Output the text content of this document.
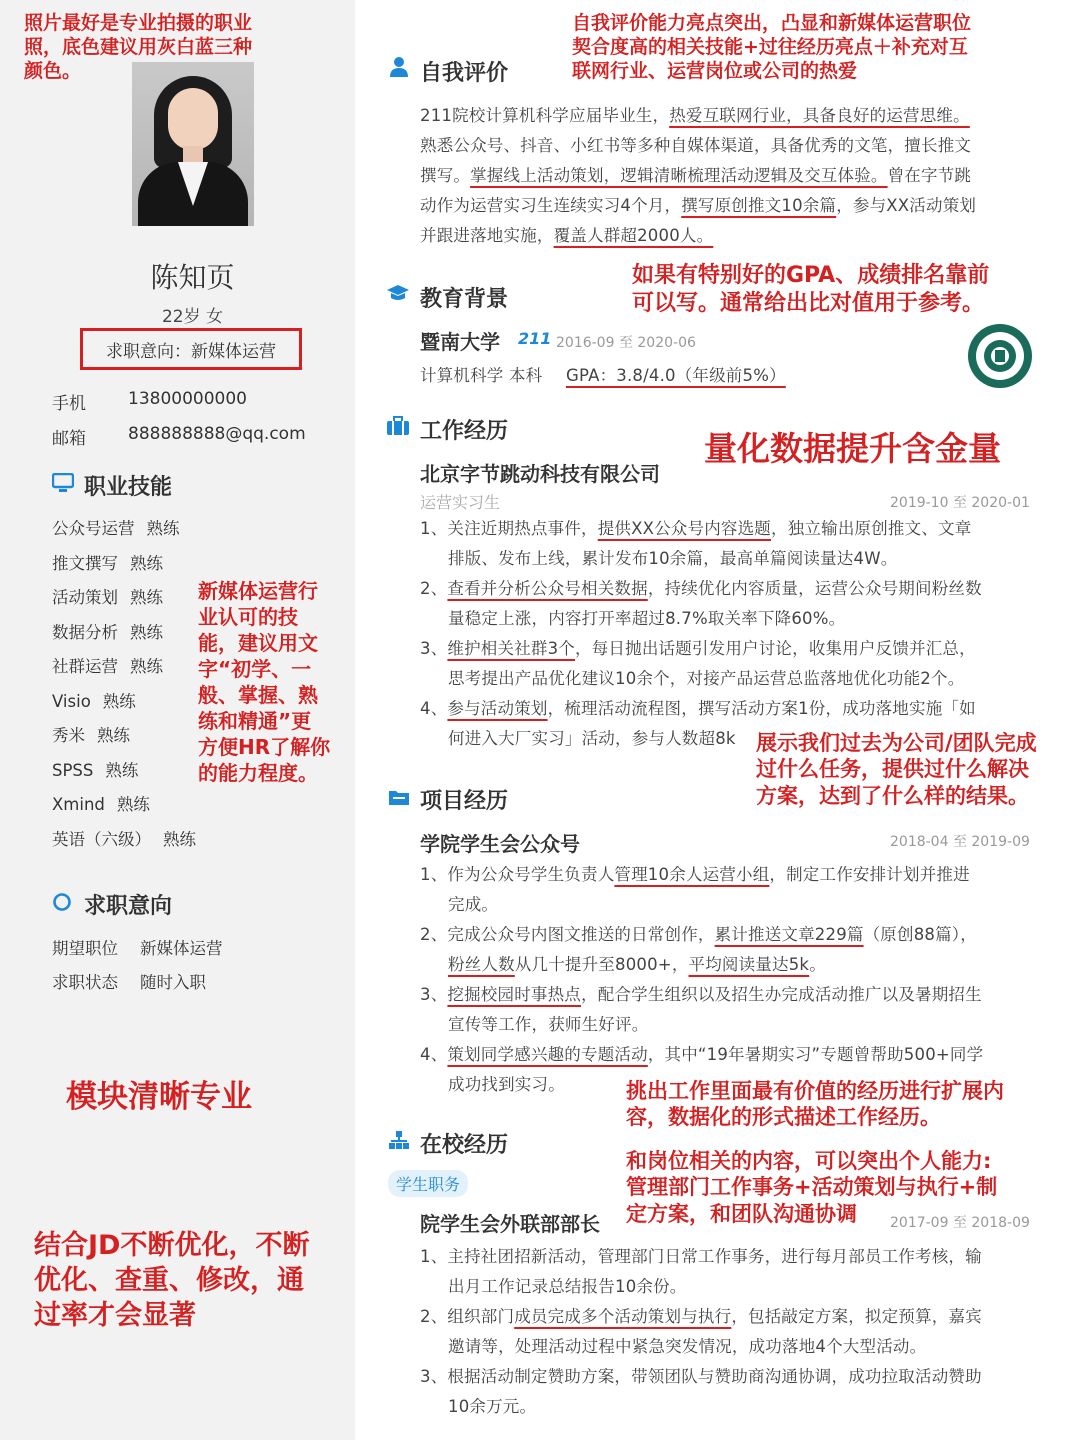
照片最好是专业拍摄的职业
照，底色建议用灰白蓝三种
颜色。
陈知页
22岁 女
求职意向：新媒体运营
手机 13800000000
邮箱 888888888@qq.com
职业技能
公众号运营 熟练
推文撰写 熟练
活动策划 熟练
数据分析 熟练
社群运营 熟练
Visio 熟练
秀米 熟练
SPSS 熟练
Xmind 熟练
英语（六级） 熟练
求职意向
期望职位 新媒体运营
求职状态 随时入职
新媒体运营行
业认可的技
能，建议用文
字“初学、一
般、掌握、熟
练和精通”更
方便HR了解你
的能力程度。
模块清晰专业
结合JD不断优化，不断
优化、查重、修改，通
过率才会显著
自我评价能力亮点突出，凸显和新媒体运营职位
契合度高的相关技能+过往经历亮点＋补充对互
联网行业、运营岗位或公司的热爱
自我评价
211院校计算机科学应届毕业生，热爱互联网行业，具备良好的运营思维。
熟悉公众号、抖音、小红书等多种自媒体渠道，具备优秀的文笔，擅长推文
撰写。掌握线上活动策划，逻辑清晰梳理活动逻辑及交互体验。曾在字节跳
动作为运营实习生连续实习4个月，撰写原创推文10余篇，参与XX活动策划
并跟进落地实施，覆盖人群超2000人。
如果有特别好的GPA、成绩排名靠前
可以写。通常给出比对值用于参考。
教育背景
暨南大学 211 2016-09 至 2020-06
计算机科学 本科 GPA：3.8/4.0（年级前5%）
工作经历	量化数据提升含金量
北京字节跳动科技有限公司
运营实习生	2019-10 至 2020-01
1、关注近期热点事件，提供XX公众号内容选题，独立输出原创推文、文章
排版、发布上线，累计发布10余篇，最高单篇阅读量达4W。
2、查看并分析公众号相关数据，持续优化内容质量，运营公众号期间粉丝数
量稳定上涨，内容打开率超过8.7%取关率下降60%。
3、维护相关社群3个，每日抛出话题引发用户讨论，收集用户反馈并汇总，
思考提出产品优化建议10余个，对接产品运营总监落地优化功能2个。
4、参与活动策划，梳理活动流程图，撰写活动方案1份，成功落地实施「如
何进入大厂实习」活动，参与人数超8k 展示我们过去为公司/团队完成
过什么任务，提供过什么解决
方案，达到了什么样的结果。
项目经历
学院学生会公众号	2018-04 至 2019-09
1、作为公众号学生负责人管理10余人运营小组，制定工作安排计划并推进
完成。
2、完成公众号内图文推送的日常创作，累计推送文章229篇（原创88篇），
粉丝人数从几十提升至8000+，平均阅读量达5k。
3、挖掘校园时事热点，配合学生组织以及招生办完成活动推广以及暑期招生
宣传等工作，获师生好评。
4、策划同学感兴趣的专题活动，其中“19年暑期实习”专题曾帮助500+同学
成功找到实习。	挑出工作里面最有价值的经历进行扩展内
容，数据化的形式描述工作经历。
在校经历
学生职务
和岗位相关的内容，可以突出个人能力:
管理部门工作事务+活动策划与执行+制
定方案，和团队沟通协调
院学生会外联部部长	2017-09 至 2018-09
1、主持社团招新活动，管理部门日常工作事务，进行每月部员工作考核，输
出月工作记录总结报告10余份。
2、组织部门成员完成多个活动策划与执行，包括敲定方案，拟定预算，嘉宾
邀请等，处理活动过程中紧急突发情况，成功落地4个大型活动。
3、根据活动制定赞助方案，带领团队与赞助商沟通协调，成功拉取活动赞助
10余万元。
